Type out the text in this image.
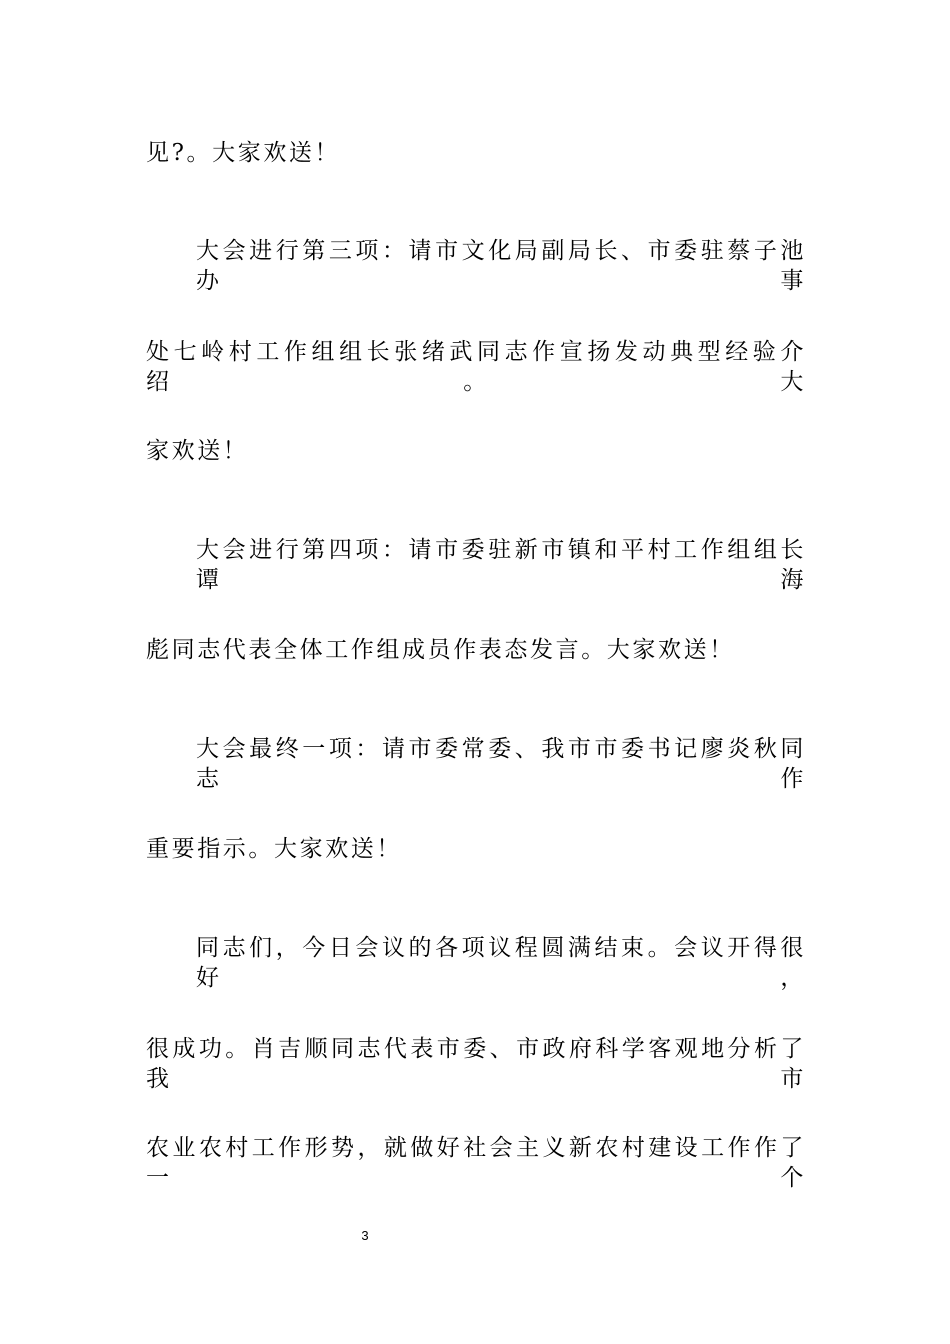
见?。大家欢送！
大会进行第三项：请市文化局副局长、市委驻蔡子池办事
处七岭村工作组组长张绪武同志作宣扬发动典型经验介绍。大
家欢送！
大会进行第四项：请市委驻新市镇和平村工作组组长谭海
彪同志代表全体工作组成员作表态发言。大家欢送！
大会最终一项：请市委常委、我市市委书记廖炎秋同志作
重要指示。大家欢送！
同志们，今日会议的各项议程圆满结束。会议开得很好，
很成功。肖吉顺同志代表市委、市政府科学客观地分析了我市
农业农村工作形势，就做好社会主义新农村建设工作作了一个
3
